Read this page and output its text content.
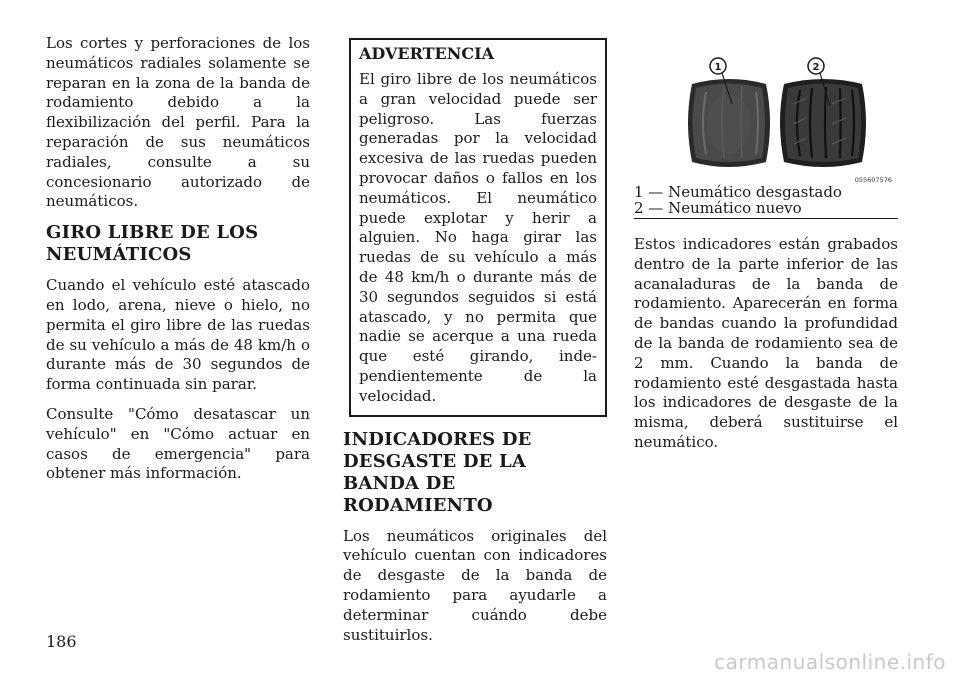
Los cortes y perforaciones de los neumáticos radiales solamente se reparan en la zona de la banda de rodamiento debido a la flexibilización del perfil. Para la reparación de sus neumáticos radiales, consulte a su concesionario autorizado de neumáticos.

GIRO LIBRE DE LOS NEUMÁTICOS

Cuando el vehículo esté atascado en lodo, arena, nieve o hielo, no permita el giro libre de las ruedas de su vehículo a más de 48 km/h o durante más de 30 segundos de forma continuada sin parar.

Consulte "Cómo desatascar un vehículo" en "Cómo actuar en casos de emergencia" para obtener más información.

ADVERTENCIA

El giro libre de los neumáticos a gran velocidad puede ser peligroso. Las fuerzas generadas por la velocidad excesiva de las ruedas pueden provocar daños o fallos en los neumáticos. El neumático puede explotar y herir a alguien. No haga girar las ruedas de su vehículo a más de 48 km/h o durante más de 30 segundos seguidos si está atascado, y no permita que nadie se acerque a una rueda que esté girando, independientemente de la velocidad.

INDICADORES DE DESGASTE DE LA BANDA DE RODAMIENTO

Los neumáticos originales del vehículo cuentan con indicadores de desgaste de la banda de rodamiento para ayudarle a determinar cuándo debe sustituirlos.

1	2
055607576
1 — Neumático desgastado
2 — Neumático nuevo

Estos indicadores están grabados dentro de la parte inferior de las acanaladuras de la banda de rodamiento. Aparecerán en forma de bandas cuando la profundidad de la banda de rodamiento sea de 2 mm. Cuando la banda de rodamiento esté desgastada hasta los indicadores de desgaste de la misma, deberá sustituirse el neumático.

186
carmanualsonline.info
